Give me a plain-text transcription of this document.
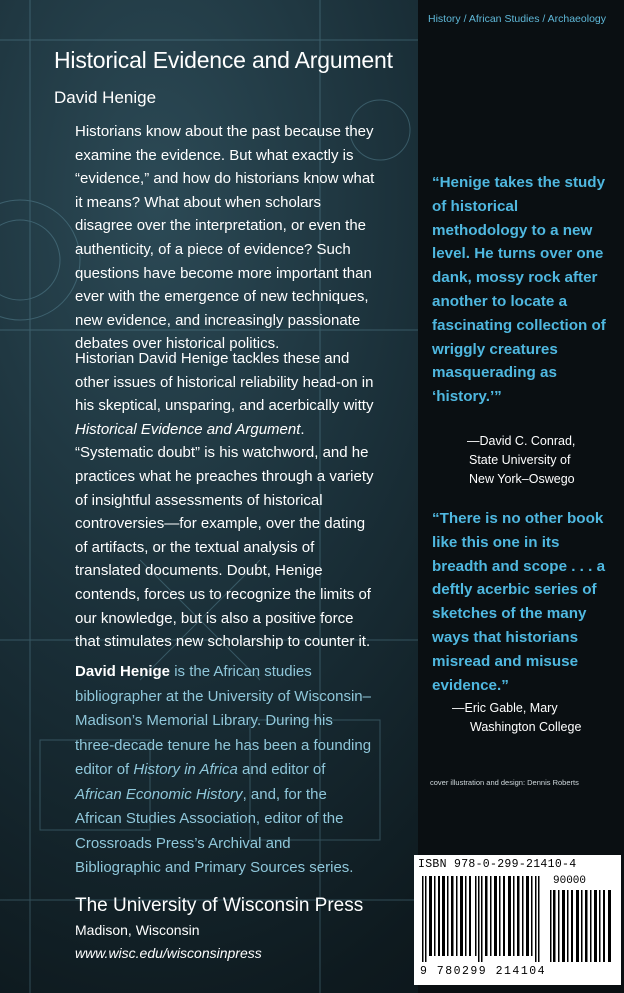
Historical Evidence and Argument
David Henige
Historians know about the past because they examine the evidence. But what exactly is “evidence,” and how do historians know what it means? What about when scholars disagree over the interpretation, or even the authenticity, of a piece of evidence? Such questions have become more important than ever with the emergence of new techniques, new evidence, and increasingly passionate debates over historical politics.
Historian David Henige tackles these and other issues of historical reliability head-on in his skeptical, unsparing, and acerbically witty Historical Evidence and Argument. “Systematic doubt” is his watchword, and he practices what he preaches through a variety of insightful assessments of historical controversies—for example, over the dating of artifacts, or the textual analysis of translated documents. Doubt, Henige contends, forces us to recognize the limits of our knowledge, but is also a positive force that stimulates new scholarship to counter it.
David Henige is the African studies bibliographer at the University of Wisconsin–Madison’s Memorial Library. During his three-decade tenure he has been a founding editor of History in Africa and editor of African Economic History, and, for the African Studies Association, editor of the Crossroads Press’s Archival and Bibliographic and Primary Sources series.
The University of Wisconsin Press
Madison, Wisconsin
www.wisc.edu/wisconsinpress
History / African Studies / Archaeology
“Henige takes the study of historical methodology to a new level. He turns over one dank, mossy rock after another to locate a fascinating collection of wriggly creatures masquerading as ‘history.’”
—David C. Conrad,
State University of
New York–Oswego
“There is no other book like this one in its breadth and scope . . . a deftly acerbic series of sketches of the many ways that historians misread and misuse evidence.”
—Eric Gable, Mary
Washington College
cover illustration and design: Dennis Roberts
ISBN 978-0-299-21410-4
90000
9 780299 214104
